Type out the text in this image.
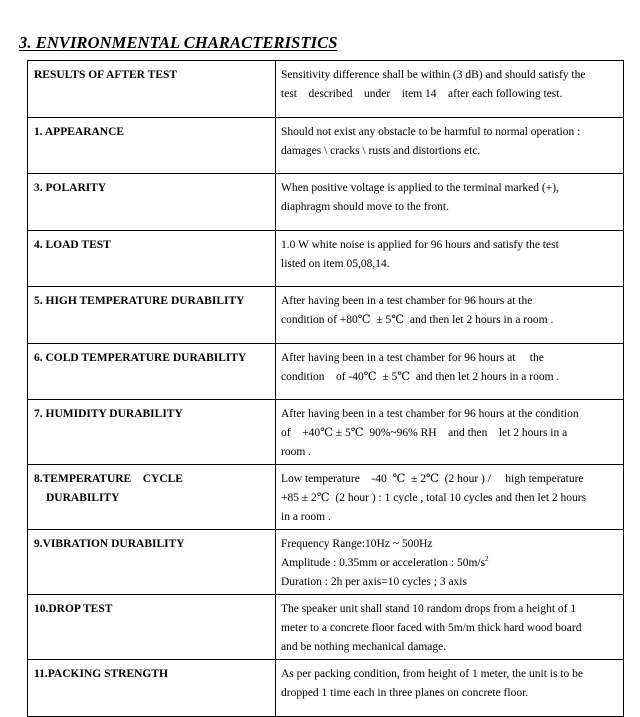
3. ENVIRONMENTAL CHARACTERISTICS
RESULTS OF AFTER TEST	Sensitivity difference shall be within (3 dB) and should satisfy the
test    described    under    item 14    after each following test.

1. APPEARANCE	Should not exist any obstacle to be harmful to normal operation :
damages \ cracks \ rusts and distortions etc.

3. POLARITY	When positive voltage is applied to the terminal marked (+),
diaphragm should move to the front.

4. LOAD TEST	1.0 W white noise is applied for 96 hours and satisfy the test
listed on item 05,08,14.

5. HIGH TEMPERATURE DURABILITY	After having been in a test chamber for 96 hours at the
condition of +80℃  ± 5℃  and then let 2 hours in a room .

6. COLD TEMPERATURE DURABILITY	After having been in a test chamber for 96 hours at     the
condition    of -40℃  ± 5℃  and then let 2 hours in a room .

7. HUMIDITY DURABILITY	After having been in a test chamber for 96 hours at the condition
of    +40℃ ± 5℃  90%~96% RH    and then    let 2 hours in a
room .

8.TEMPERATURE    CYCLE
DURABILITY	Low temperature    -40  ℃  ± 2℃  (2 hour ) /     high temperature
+85 ± 2℃  (2 hour ) : 1 cycle , total 10 cycles and then let 2 hours
in a room .

9.VIBRATION DURABILITY	Frequency Range:10Hz ~ 500Hz
Amplitude : 0.35mm or acceleration : $50m/s^2$
Duration : 2h per axis=10 cycles ; 3 axis

10.DROP TEST	The speaker unit shall stand 10 random drops from a height of 1
meter to a concrete floor faced with 5m/m thick hard wood board
and be nothing mechanical damage.

11.PACKING STRENGTH	As per packing condition, from height of 1 meter, the unit is to be
dropped 1 time each in three planes on concrete floor.
